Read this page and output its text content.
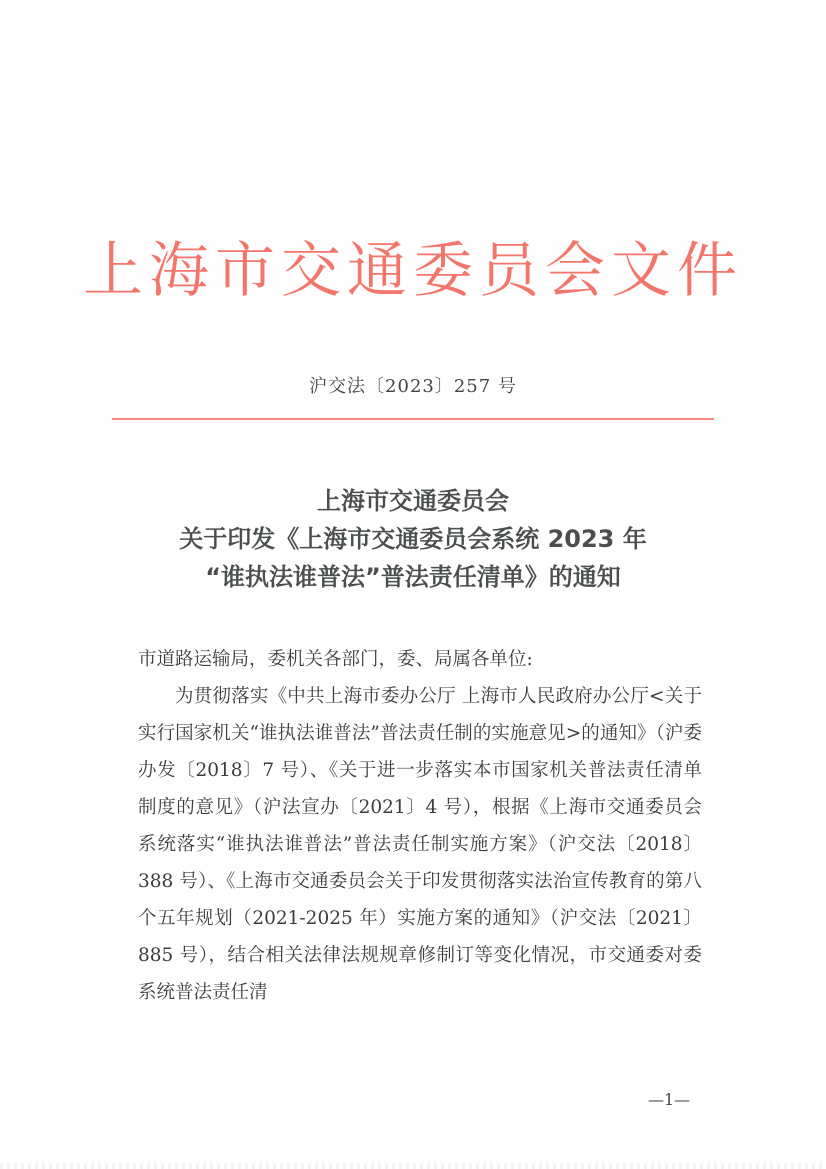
上海市交通委员会文件
沪交法〔2023〕257 号
上海市交通委员会
关于印发《上海市交通委员会系统 2023 年
“谁执法谁普法”普法责任清单》的通知
市道路运输局，委机关各部门，委、局属各单位:
为贯彻落实《中共上海市委办公厅 上海市人民政府办公厅<关于实行国家机关“谁执法谁普法”普法责任制的实施意见>的通知》（沪委办发〔2018〕7 号）、《关于进一步落实本市国家机关普法责任清单制度的意见》（沪法宣办〔2021〕4 号），根据《上海市交通委员会系统落实“谁执法谁普法”普法责任制实施方案》（沪交法〔2018〕388 号）、《上海市交通委员会关于印发贯彻落实法治宣传教育的第八个五年规划（2021-2025 年）实施方案的通知》（沪交法〔2021〕885 号），结合相关法律法规规章修制订等变化情况，市交通委对委系统普法责任清
—1—
